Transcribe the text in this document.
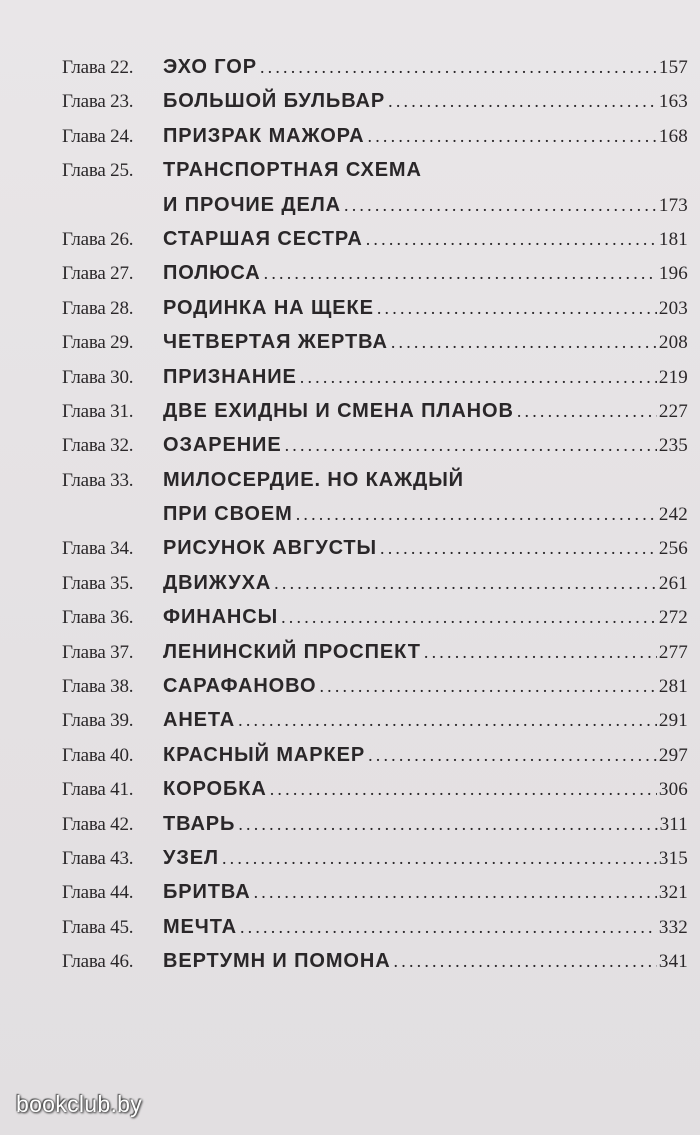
Глава 22.	ЭХО ГОР .....	157
Глава 23.	БОЛЬШОЙ БУЛЬВАР .....	163
Глава 24.	ПРИЗРАК МАЖОРА .....	168
Глава 25.	ТРАНСПОРТНАЯ СХЕМА
И ПРОЧИЕ ДЕЛА .....	173
Глава 26.	СТАРШАЯ СЕСТРА .....	181
Глава 27.	ПОЛЮСА .....	196
Глава 28.	РОДИНКА НА ЩЕКЕ .....	203
Глава 29.	ЧЕТВЕРТАЯ ЖЕРТВА .....	208
Глава 30.	ПРИЗНАНИЕ .....	219
Глава 31.	ДВЕ ЕХИДНЫ И СМЕНА ПЛАНОВ .....	227
Глава 32.	ОЗАРЕНИЕ .....	235
Глава 33.	МИЛОСЕРДИЕ. НО КАЖДЫЙ
ПРИ СВОЕМ .....	242
Глава 34.	РИСУНОК АВГУСТЫ .....	256
Глава 35.	ДВИЖУХА .....	261
Глава 36.	ФИНАНСЫ .....	272
Глава 37.	ЛЕНИНСКИЙ ПРОСПЕКТ .....	277
Глава 38.	САРАФАНОВО .....	281
Глава 39.	АНЕТА .....	291
Глава 40.	КРАСНЫЙ МАРКЕР .....	297
Глава 41.	КОРОБКА .....	306
Глава 42.	ТВАРЬ .....	311
Глава 43.	УЗЕЛ .....	315
Глава 44.	БРИТВА .....	321
Глава 45.	МЕЧТА .....	332
Глава 46.	ВЕРТУМН И ПОМОНА .....	341
bookclub.by
